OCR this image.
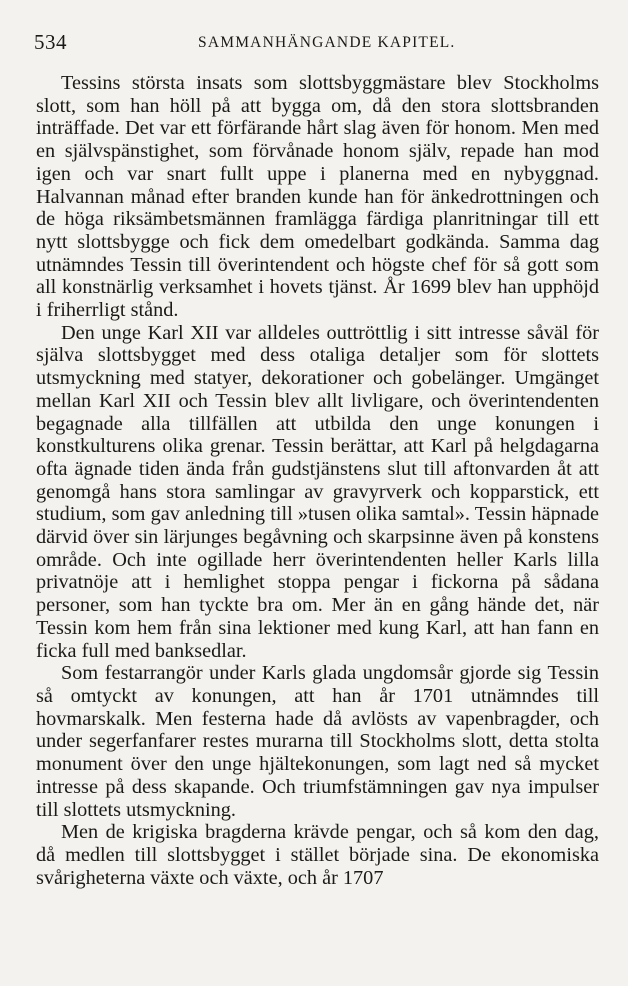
534	SAMMANHÄNGANDE KAPITEL.

Tessins största insats som slottsbyggmästare blev Stockholms slott, som han höll på att bygga om, då den stora slottsbranden inträffade. Det var ett förfärande hårt slag även för honom. Men med en självspänstighet, som förvånade honom själv, repade han mod igen och var snart fullt uppe i planerna med en nybyggnad. Halvannan månad efter branden kunde han för änkedrottningen och de höga riksämbetsmännen framlägga färdiga planritningar till ett nytt slottsbygge och fick dem omedelbart godkända. Samma dag utnämndes Tessin till överintendent och högste chef för så gott som all konstnärlig verksamhet i hovets tjänst. År 1699 blev han upphöjd i friherrligt stånd.

Den unge Karl XII var alldeles outtröttlig i sitt intresse såväl för själva slottsbygget med dess otaliga detaljer som för slottets utsmyckning med statyer, dekorationer och gobelänger. Umgänget mellan Karl XII och Tessin blev allt livligare, och överintendenten begagnade alla tillfällen att utbilda den unge konungen i konstkulturens olika grenar. Tessin berättar, att Karl på helgdagarna ofta ägnade tiden ända från gudstjänstens slut till aftonvarden åt att genomgå hans stora samlingar av gravyrverk och kopparstick, ett studium, som gav anledning till »tusen olika samtal». Tessin häpnade därvid över sin lärjunges begåvning och skarpsinne även på konstens område. Och inte ogillade herr överintendenten heller Karls lilla privatnöje att i hemlighet stoppa pengar i fickorna på sådana personer, som han tyckte bra om. Mer än en gång hände det, när Tessin kom hem från sina lektioner med kung Karl, att han fann en ficka full med banksedlar.

Som festarrangör under Karls glada ungdomsår gjorde sig Tessin så omtyckt av konungen, att han år 1701 utnämndes till hovmarskalk. Men festerna hade då avlösts av vapenbragder, och under segerfanfarer restes murarna till Stockholms slott, detta stolta monument över den unge hjältekonungen, som lagt ned så mycket intresse på dess skapande. Och triumfstämningen gav nya impulser till slottets utsmyckning.

Men de krigiska bragderna krävde pengar, och så kom den dag, då medlen till slottsbygget i stället började sina. De ekonomiska svårigheterna växte och växte, och år 1707
